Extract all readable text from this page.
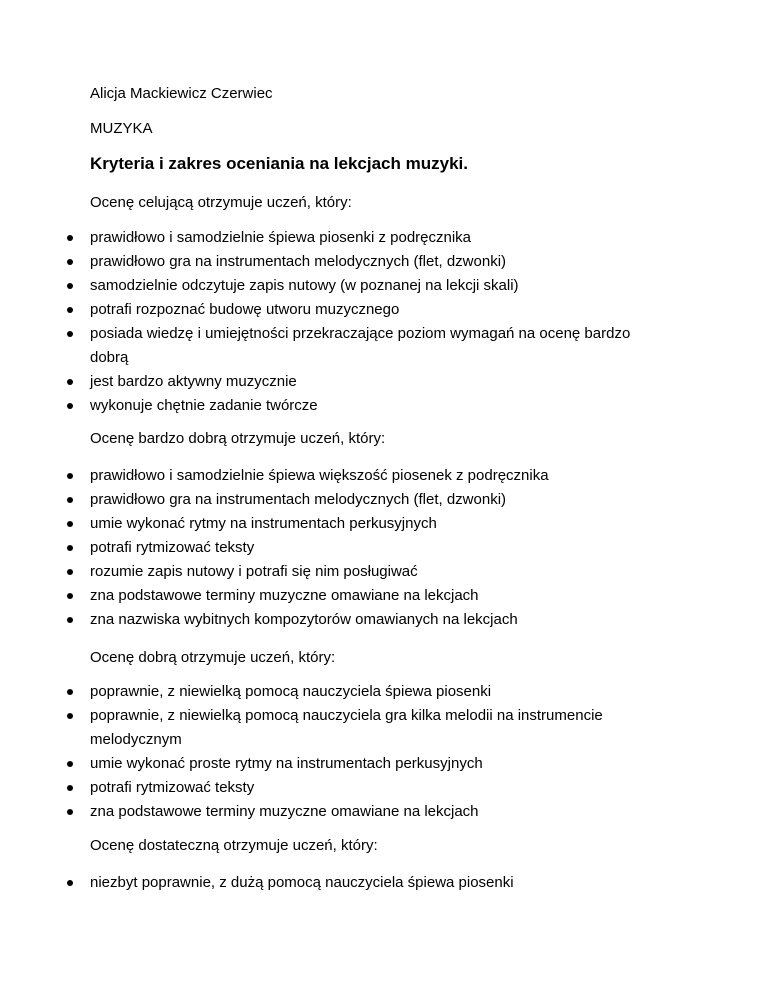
Alicja Mackiewicz Czerwiec
MUZYKA
Kryteria i zakres oceniania na lekcjach muzyki.
Ocenę celującą otrzymuje uczeń, który:
prawidłowo i samodzielnie śpiewa piosenki z podręcznika
prawidłowo gra na instrumentach melodycznych (flet, dzwonki)
samodzielnie odczytuje zapis nutowy (w poznanej na lekcji skali)
potrafi rozpoznać budowę utworu muzycznego
posiada wiedzę i umiejętności przekraczające poziom wymagań na ocenę bardzo dobrą
jest bardzo aktywny muzycznie
wykonuje chętnie zadanie twórcze
Ocenę bardzo dobrą otrzymuje uczeń, który:
prawidłowo i samodzielnie śpiewa większość piosenek z podręcznika
prawidłowo gra na instrumentach melodycznych (flet, dzwonki)
umie wykonać rytmy na instrumentach perkusyjnych
potrafi rytmizować teksty
rozumie zapis nutowy i potrafi się nim posługiwać
zna podstawowe terminy muzyczne omawiane na lekcjach
zna nazwiska wybitnych kompozytorów omawianych na lekcjach
Ocenę dobrą otrzymuje uczeń, który:
poprawnie, z niewielką pomocą nauczyciela śpiewa piosenki
poprawnie, z niewielką pomocą nauczyciela gra kilka melodii na instrumencie melodycznym
umie wykonać proste rytmy na instrumentach perkusyjnych
potrafi rytmizować teksty
zna podstawowe terminy muzyczne omawiane na lekcjach
Ocenę dostateczną otrzymuje uczeń, który:
niezbyt poprawnie, z dużą pomocą nauczyciela śpiewa piosenki
